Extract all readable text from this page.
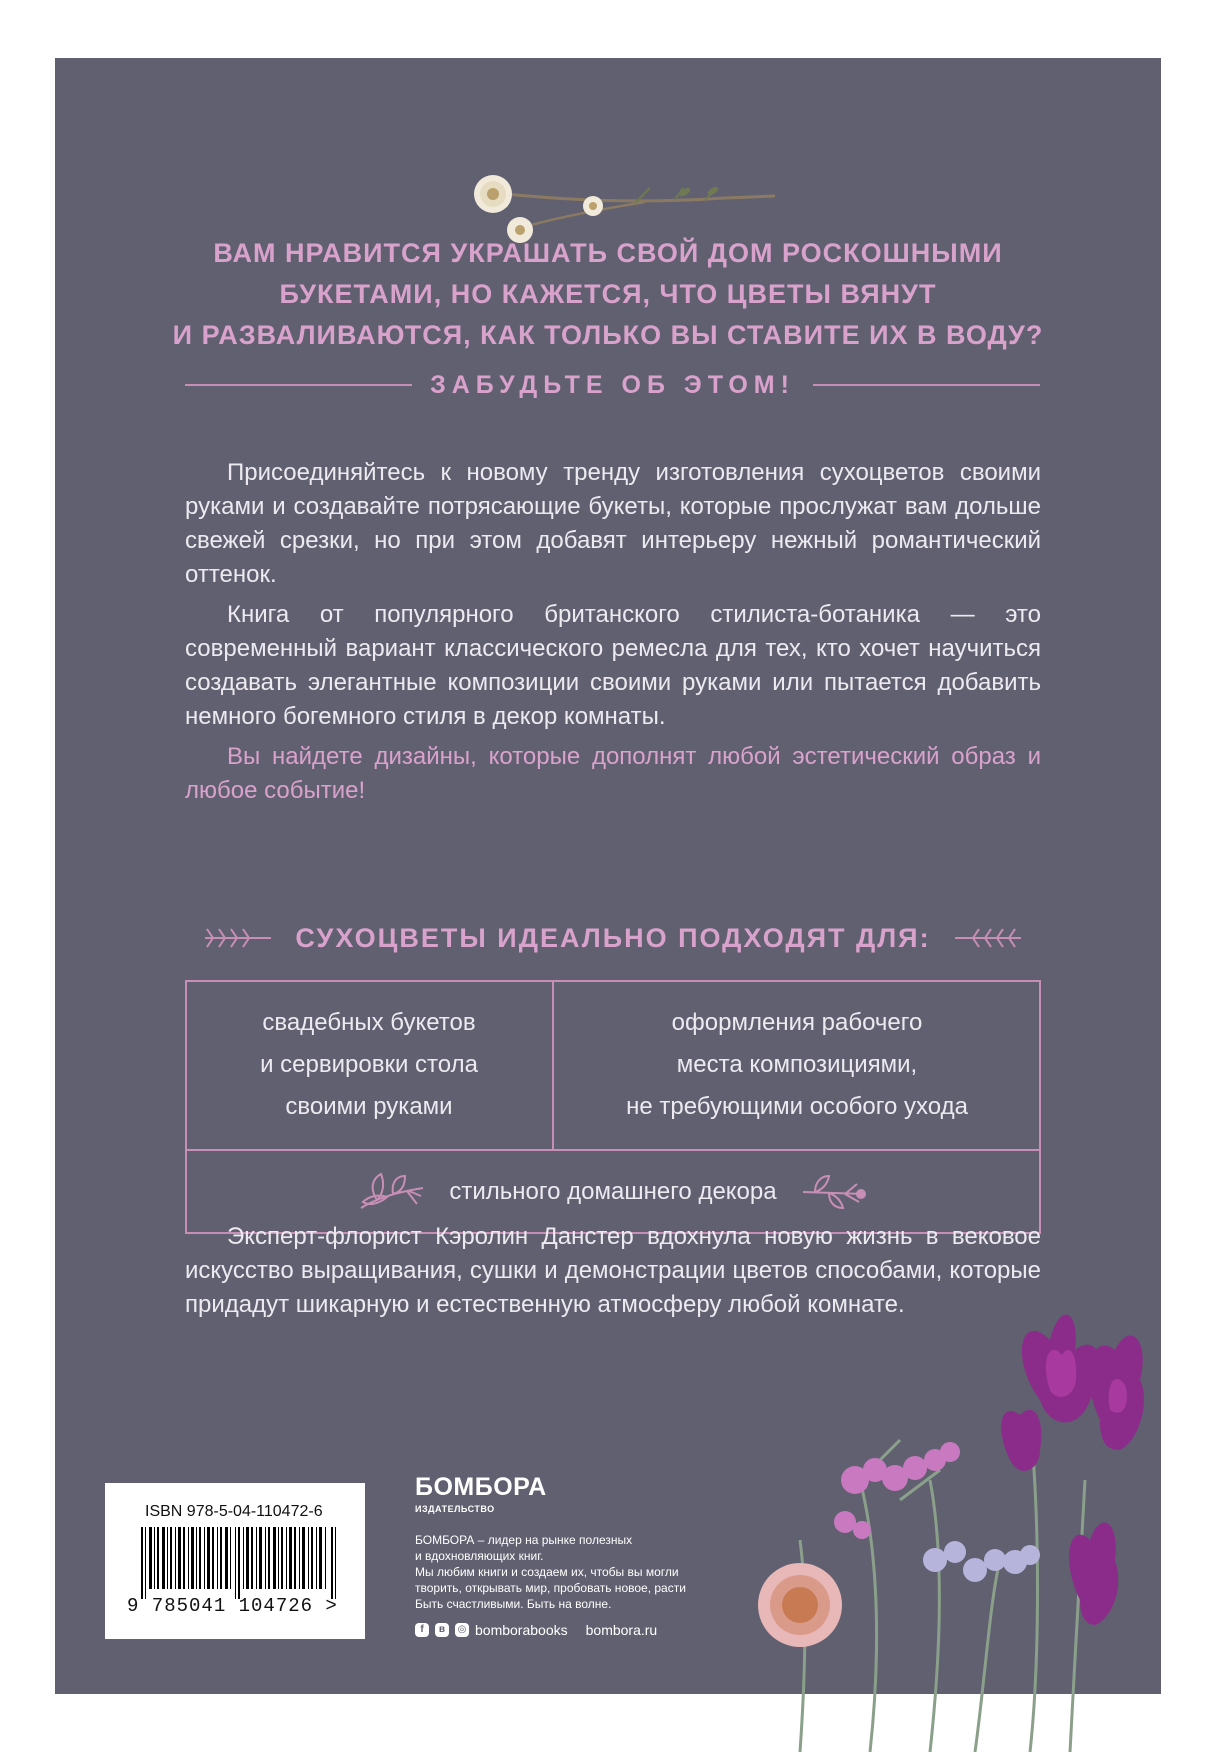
ВАМ НРАВИТСЯ УКРАШАТЬ СВОЙ ДОМ РОСКОШНЫМИ
БУКЕТАМИ, НО КАЖЕТСЯ, ЧТО ЦВЕТЫ ВЯНУТ
И РАЗВАЛИВАЮТСЯ, КАК ТОЛЬКО ВЫ СТАВИТЕ ИХ В ВОДУ?
ЗАБУДЬТЕ ОБ ЭТОМ!

Присоединяйтесь к новому тренду изготовления сухоцветов своими руками и создавайте потрясающие букеты, которые прослужат вам дольше свежей срезки, но при этом добавят интерьеру нежный романтический оттенок.

Книга от популярного британского стилиста-ботаника — это современный вариант классического ремесла для тех, кто хочет научиться создавать элегантные композиции своими руками или пытается добавить немного богемного стиля в декор комнаты.

Вы найдете дизайны, которые дополнят любой эстетический образ и любое событие!

СУХОЦВЕТЫ ИДЕАЛЬНО ПОДХОДЯТ ДЛЯ:
свадебных букетов
и сервировки стола
своими руками
оформления рабочего
места композициями,
не требующими особого ухода
стильного домашнего декора

Эксперт-флорист Кэролин Данстер вдохнула новую жизнь в вековое искусство выращивания, сушки и демонстрации цветов способами, которые придадут шикарную и естественную атмосферу любой комнате.

ISBN 978-5-04-110472-6
9 785041 104726 >
БОМБОРА
ИЗДАТЕЛЬСТВО
БОМБОРА – лидер на рынке полезных
и вдохновляющих книг.
Мы любим книги и создаем их, чтобы вы могли
творить, открывать мир, пробовать новое, расти
Быть счастливыми. Быть на волне.
f	в	◎ bomborabooks bombora.ru
